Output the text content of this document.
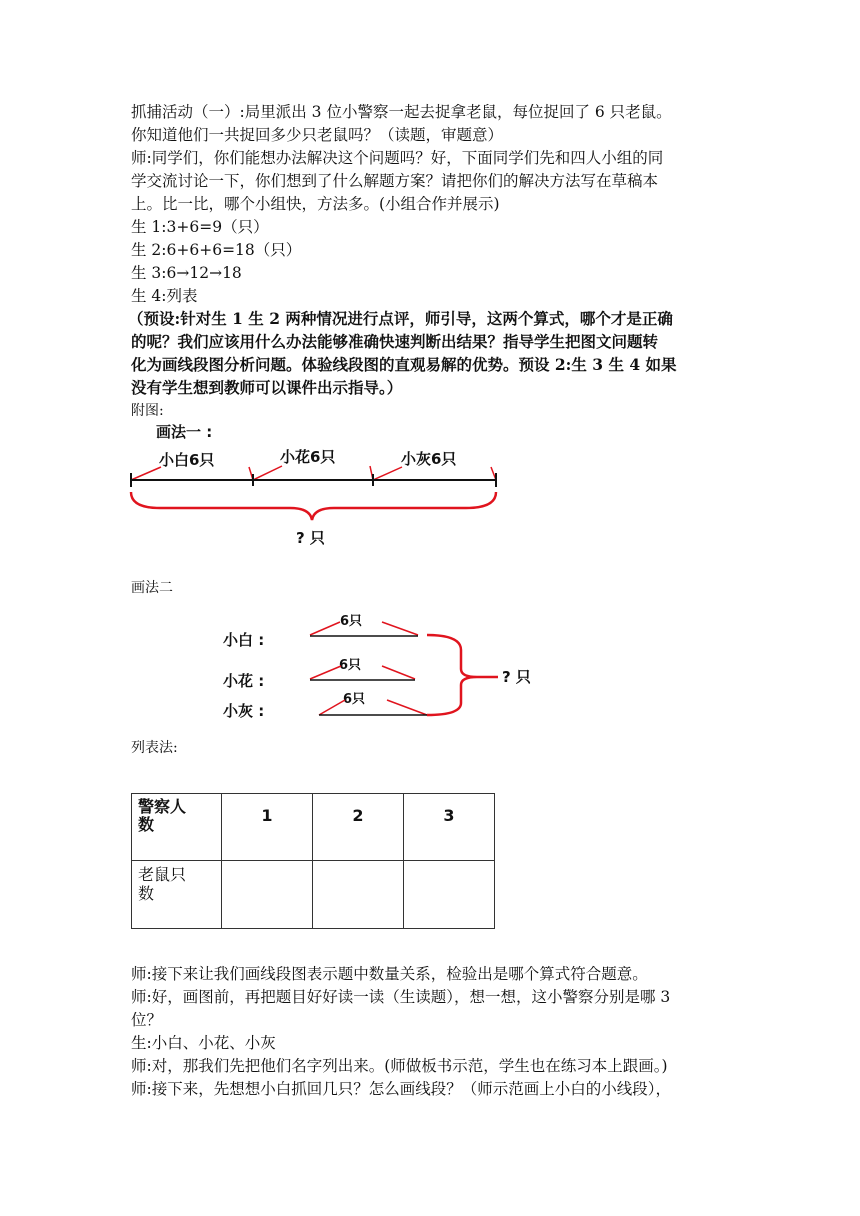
抓捕活动（一）:局里派出 3 位小警察一起去捉拿老鼠，每位捉回了 6 只老鼠。
你知道他们一共捉回多少只老鼠吗？（读题，审题意）
师:同学们，你们能想办法解决这个问题吗？好，下面同学们先和四人小组的同
学交流讨论一下，你们想到了什么解题方案？请把你们的解决方法写在草稿本
上。比一比，哪个小组快，方法多。(小组合作并展示)
生 1:3+6=9（只）
生 2:6+6+6=18（只）
生 3:6→12→18
生 4:列表
（预设:针对生 1 生 2 两种情况进行点评，师引导，这两个算式，哪个才是正确
的呢？我们应该用什么办法能够准确快速判断出结果？指导学生把图文问题转
化为画线段图分析问题。体验线段图的直观易解的优势。预设 2:生 3 生 4 如果
没有学生想到教师可以课件出示指导。）
附图:
画法一 :
小白6只	小花6只	小灰6只
? 只
画法二
小白 :
小花 :
小灰 :
6只
6只
6只
? 只
列表法:
警察人
数	1	2	3

老鼠只
数			

师:接下来让我们画线段图表示题中数量关系，检验出是哪个算式符合题意。
师:好，画图前，再把题目好好读一读（生读题），想一想，这小警察分别是哪 3
位？
生:小白、小花、小灰
师:对，那我们先把他们名字列出来。(师做板书示范，学生也在练习本上跟画。)
师:接下来，先想想小白抓回几只？怎么画线段？（师示范画上小白的小线段），
